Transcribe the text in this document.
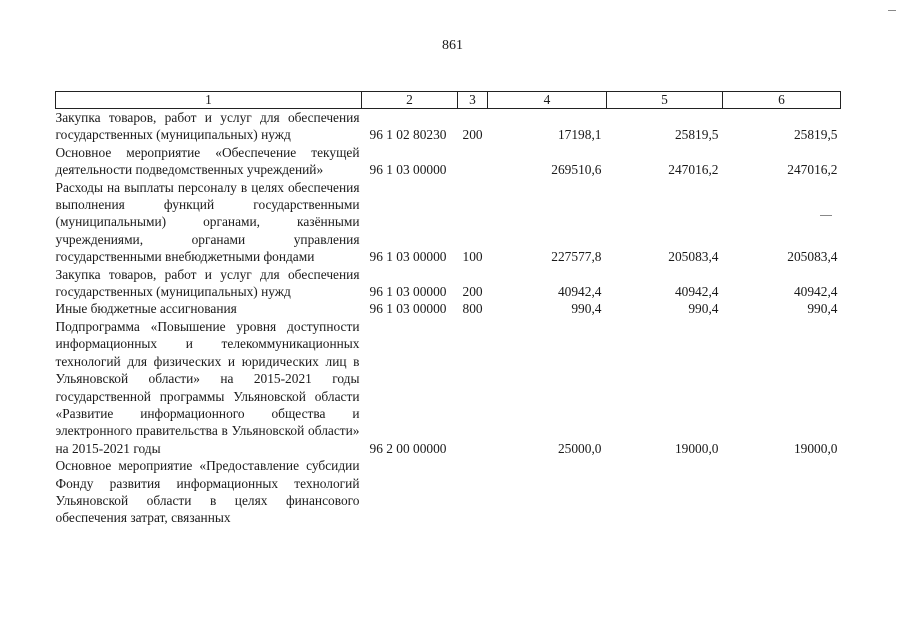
861
1	2	3	4	5	6
Закупка товаров, работ и услуг для обеспечения государственных (муниципальных) нужд	96 1 02 80230	200	17198,1	25819,5	25819,5
Основное мероприятие «Обеспечение текущей деятельности подведомственных учреждений»	96 1 03 00000		269510,6	247016,2	247016,2
Расходы на выплаты персоналу в целях обеспечения выполнения функций государственными (муниципальными) органами, казёнными учреждениями, органами управления государственными внебюджетными фондами	96 1 03 00000	100	227577,8	205083,4	205083,4
Закупка товаров, работ и услуг для обеспечения государственных (муниципальных) нужд	96 1 03 00000	200	40942,4	40942,4	40942,4
Иные бюджетные ассигнования	96 1 03 00000	800	990,4	990,4	990,4
Подпрограмма «Повышение уровня доступности информационных и телекоммуникационных технологий для физических и юридических лиц в Ульяновской области» на 2015-2021 годы государственной программы Ульяновской области «Развитие информационного общества и электронного правительства в Ульяновской области» на 2015-2021 годы	96 2 00 00000		25000,0	19000,0	19000,0
Основное мероприятие «Предоставление субсидии Фонду развития информационных технологий Ульяновской области в целях финансового обеспечения затрат, связанных					
